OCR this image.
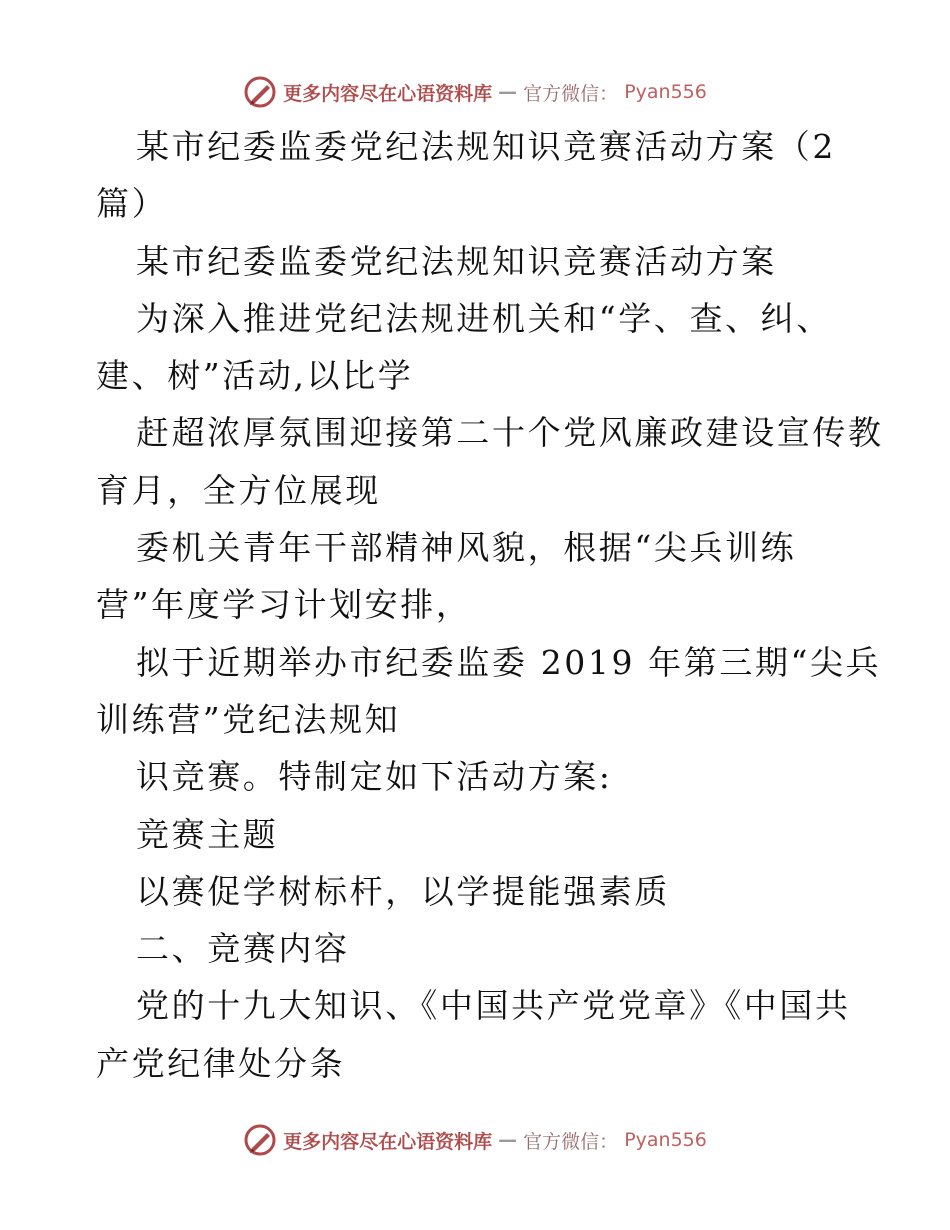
更多内容尽在心语资料库 — 官方微信： Pyan556
某市纪委监委党纪法规知识竞赛活动方案（2
篇）
某市纪委监委党纪法规知识竞赛活动方案
为深入推进党纪法规进机关和“学、查、纠、
建、树”活动,以比学
赶超浓厚氛围迎接第二十个党风廉政建设宣传教
育月，全方位展现
委机关青年干部精神风貌，根据“尖兵训练
营”年度学习计划安排，
拟于近期举办市纪委监委 2019 年第三期“尖兵
训练营”党纪法规知
识竞赛。特制定如下活动方案:
竞赛主题
以赛促学树标杆，以学提能强素质
二、竞赛内容
党的十九大知识、《中国共产党党章》《中国共
产党纪律处分条
更多内容尽在心语资料库 — 官方微信： Pyan556
